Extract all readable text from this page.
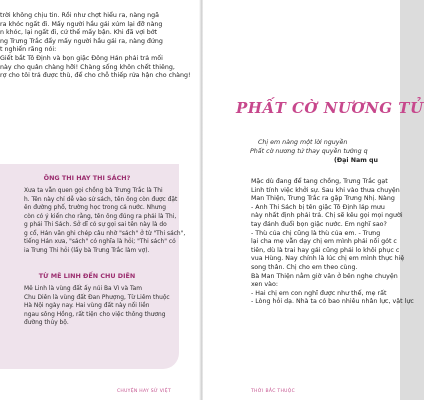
trời không chịu tin. Rồi như chợt hiểu ra, nàng ngã

ra khóc ngất đi. Mấy người hầu gái xúm lại đỡ nàng

n khóc, lại ngất đi, cứ thế mấy bận. Khi đã vợi bớt

ng Trưng Trắc đẩy mấy người hầu gái ra, nàng đứng

t nghiến răng nói:

Giết bắt Tô Định và bọn giặc Đông Hán phải trả mối

này cho quân chàng hỡi! Chàng sống khôn chết thiêng,

rợ cho tôi trả được thù, để cho chỗ thiếp rửa hận cho chàng!

ÔNG THI HAY THI SÁCH?

Xưa ta vẫn quen gọi chồng bà Trưng Trắc là Thi

h. Tên này chỉ dễ vào sử sách, tên ông còn được đặt

ên đường phố, trường học trong cả nước. Nhưng

còn có ý kiến cho rằng, tên ông đúng ra phải là Thi,

g phải Thi Sách. Sở dĩ có sự gọi sai tên này là do

g cổ, Hán văn ghi chép câu nhờ "sách" ở từ "Thi sách",

tiếng Hán xưa, "sách" có nghĩa là hỏi; "Thi sách" có

ia Trưng Thi hỏi (lấy bà Trưng Trắc làm vợ).

TỪ MÊ LINH ĐẾN CHU DIÊN

Mê Linh là vùng đất ấy núi Ba Vì và Tam

Chu Diên là vùng đất Đan Phượng, Từ Liêm thuộc

Hà Nội ngày nay. Hai vùng đất này nối liền

ngau sông Hồng, rất tiện cho việc thông thương

đường thủy bộ.

CHUYỆN HAY SỬ VIỆT
PHẤT CỜ NƯƠNG TỬ

Chị em nàng một lời nguyền

Phất cờ nương tử thay quyền tướng q

(Đại Nam qu

Mặc dù đang để tang chồng, Trưng Trắc gạt

Linh tính việc khởi sự. Sau khi vào thưa chuyện

Man Thiện, Trưng Trắc ra gặp Trưng Nhị. Nàng

- Anh Thi Sách bị tên giặc Tô Định láp mưu

này nhất định phải trả. Chị sẽ kêu gọi mọi người

tay đánh đuổi bọn giặc nước. Em nghĩ sao?

- Thù của chị cũng là thù của em. - Trưng

lại cha mẹ vẫn dạy chị em mình phải nối gót c

tiên, dù là trai hay gái cũng phải lo khôi phục c

vua Hùng. Nay chính là lúc chị em mình thực hiệ

song thân. Chị cho em theo cùng.

Bà Man Thiện nằm giờ văn ở bên nghe chuyện

xen vào:

- Hai chị em con nghĩ được như thế, mẹ rất

- Lòng hỏi dạ. Nhà ta có bao nhiêu nhân lực, vật lực

THỜI BẮC THUỘC
